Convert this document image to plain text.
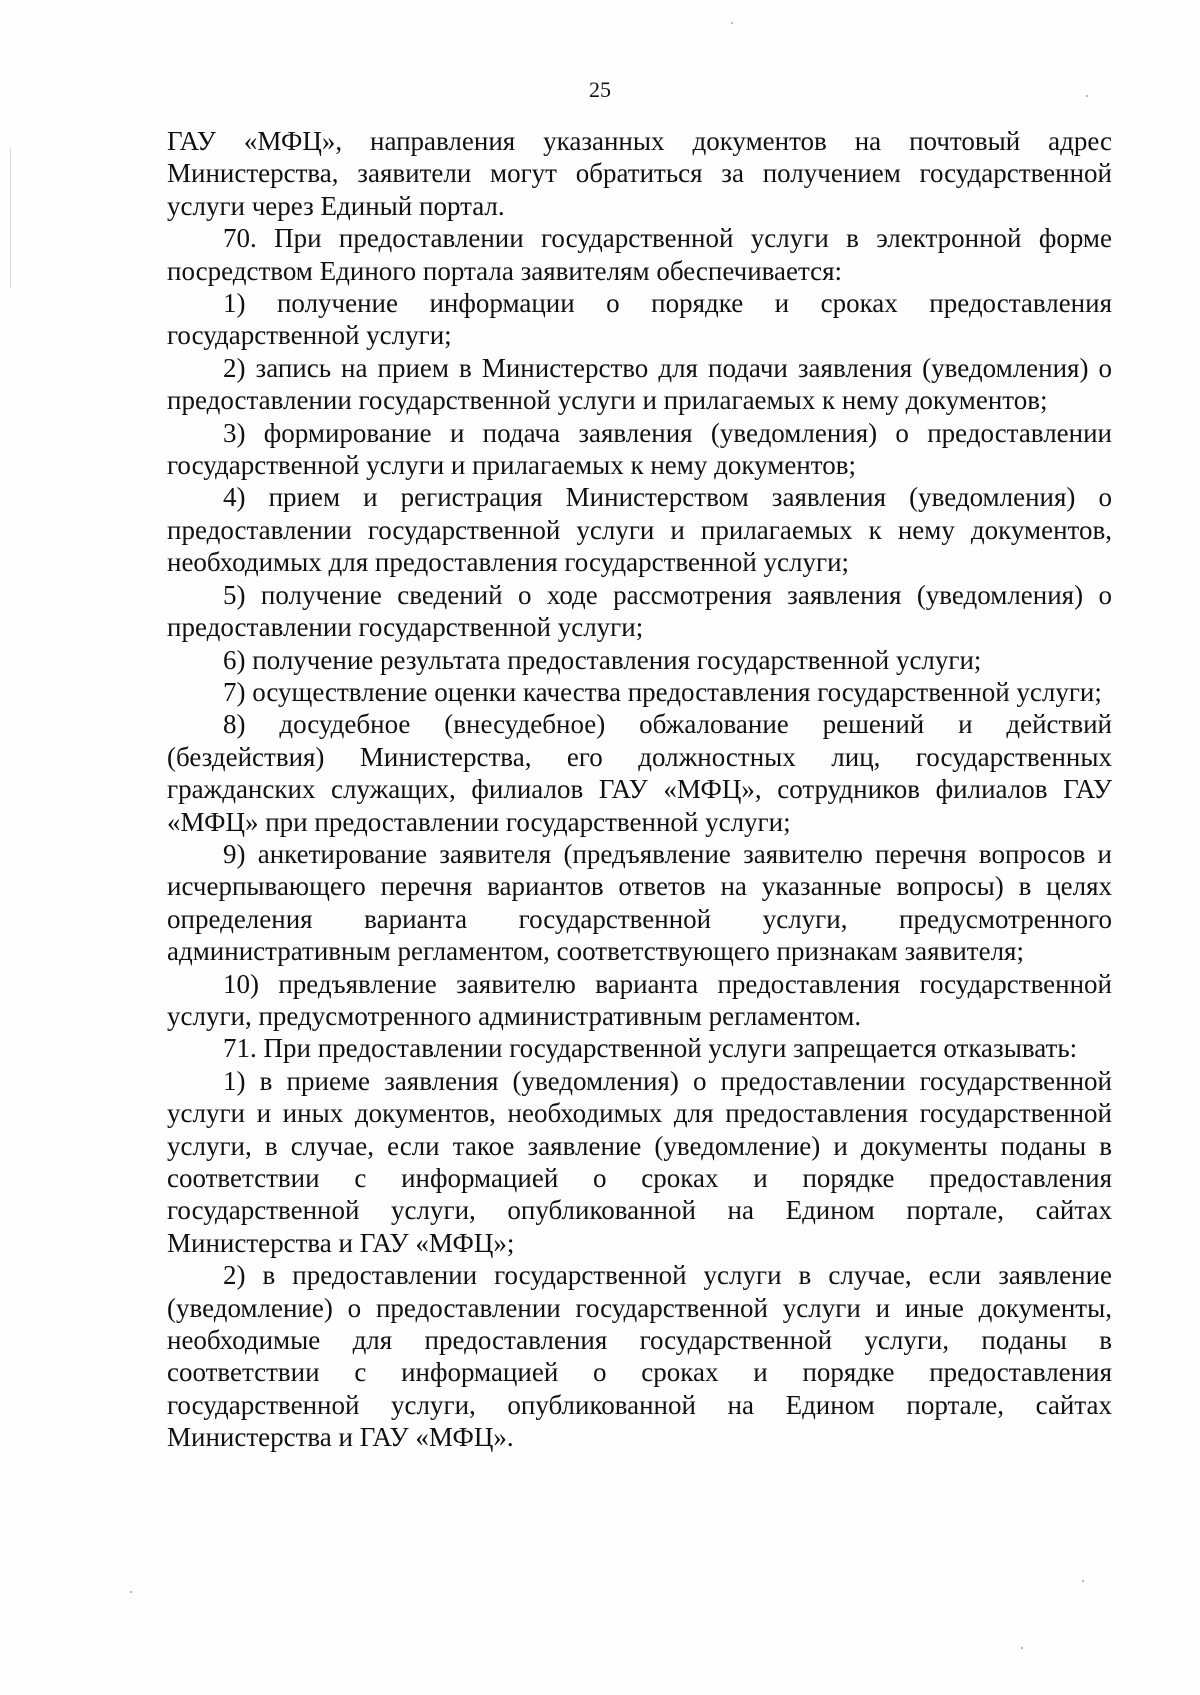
25

ГАУ «МФЦ», направления указанных документов на почтовый адрес Министерства, заявители могут обратиться за получением государственной услуги через Единый портал.

70. При предоставлении государственной услуги в электронной форме посредством Единого портала заявителям обеспечивается:

1) получение информации о порядке и сроках предоставления государственной услуги;

2) запись на прием в Министерство для подачи заявления (уведомления) о предоставлении государственной услуги и прилагаемых к нему документов;

3) формирование и подача заявления (уведомления) о предоставлении государственной услуги и прилагаемых к нему документов;

4) прием и регистрация Министерством заявления (уведомления) о предоставлении государственной услуги и прилагаемых к нему документов, необходимых для предоставления государственной услуги;

5) получение сведений о ходе рассмотрения заявления (уведомления) о предоставлении государственной услуги;

6) получение результата предоставления государственной услуги;

7) осуществление оценки качества предоставления государственной услуги;

8) досудебное (внесудебное) обжалование решений и действий (бездействия) Министерства, его должностных лиц, государственных гражданских служащих, филиалов ГАУ «МФЦ», сотрудников филиалов ГАУ «МФЦ» при предоставлении государственной услуги;

9) анкетирование заявителя (предъявление заявителю перечня вопросов и исчерпывающего перечня вариантов ответов на указанные вопросы) в целях определения варианта государственной услуги, предусмотренного административным регламентом, соответствующего признакам заявителя;

10) предъявление заявителю варианта предоставления государственной услуги, предусмотренного административным регламентом.

71. При предоставлении государственной услуги запрещается отказывать:

1) в приеме заявления (уведомления) о предоставлении государственной услуги и иных документов, необходимых для предоставления государственной услуги, в случае, если такое заявление (уведомление) и документы поданы в соответствии с информацией о сроках и порядке предоставления государственной услуги, опубликованной на Едином портале, сайтах Министерства и ГАУ «МФЦ»;

2) в предоставлении государственной услуги в случае, если заявление (уведомление) о предоставлении государственной услуги и иные документы, необходимые для предоставления государственной услуги, поданы в соответствии с информацией о сроках и порядке предоставления государственной услуги, опубликованной на Едином портале, сайтах Министерства и ГАУ «МФЦ».
